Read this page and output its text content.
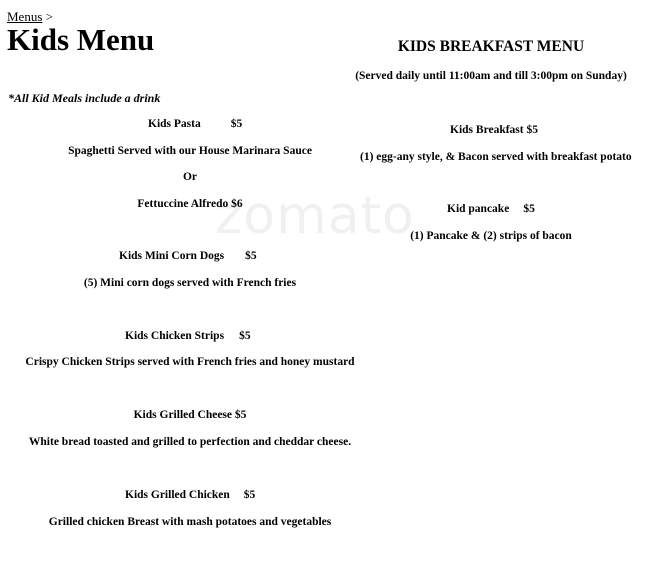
Menus >
Kids Menu
*All Kid Meals include a drink
zomato
Kids Pasta	$5
Spaghetti Served with our House Marinara Sauce
Or
Fettuccine Alfredo $6
Kids Mini Corn Dogs $5
(5) Mini corn dogs served with French fries
Kids Chicken Strips $5
Crispy Chicken Strips served with French fries and honey mustard
Kids Grilled Cheese $5
White bread toasted and grilled to perfection and cheddar cheese.
Kids Grilled Chicken $5
Grilled chicken Breast with mash potatoes and vegetables
KIDS BREAKFAST MENU
(Served daily until 11:00am and till 3:00pm on Sunday)
Kids Breakfast $5
(1) egg-any style, & Bacon served with breakfast potato
Kid pancake $5
(1) Pancake & (2) strips of bacon
